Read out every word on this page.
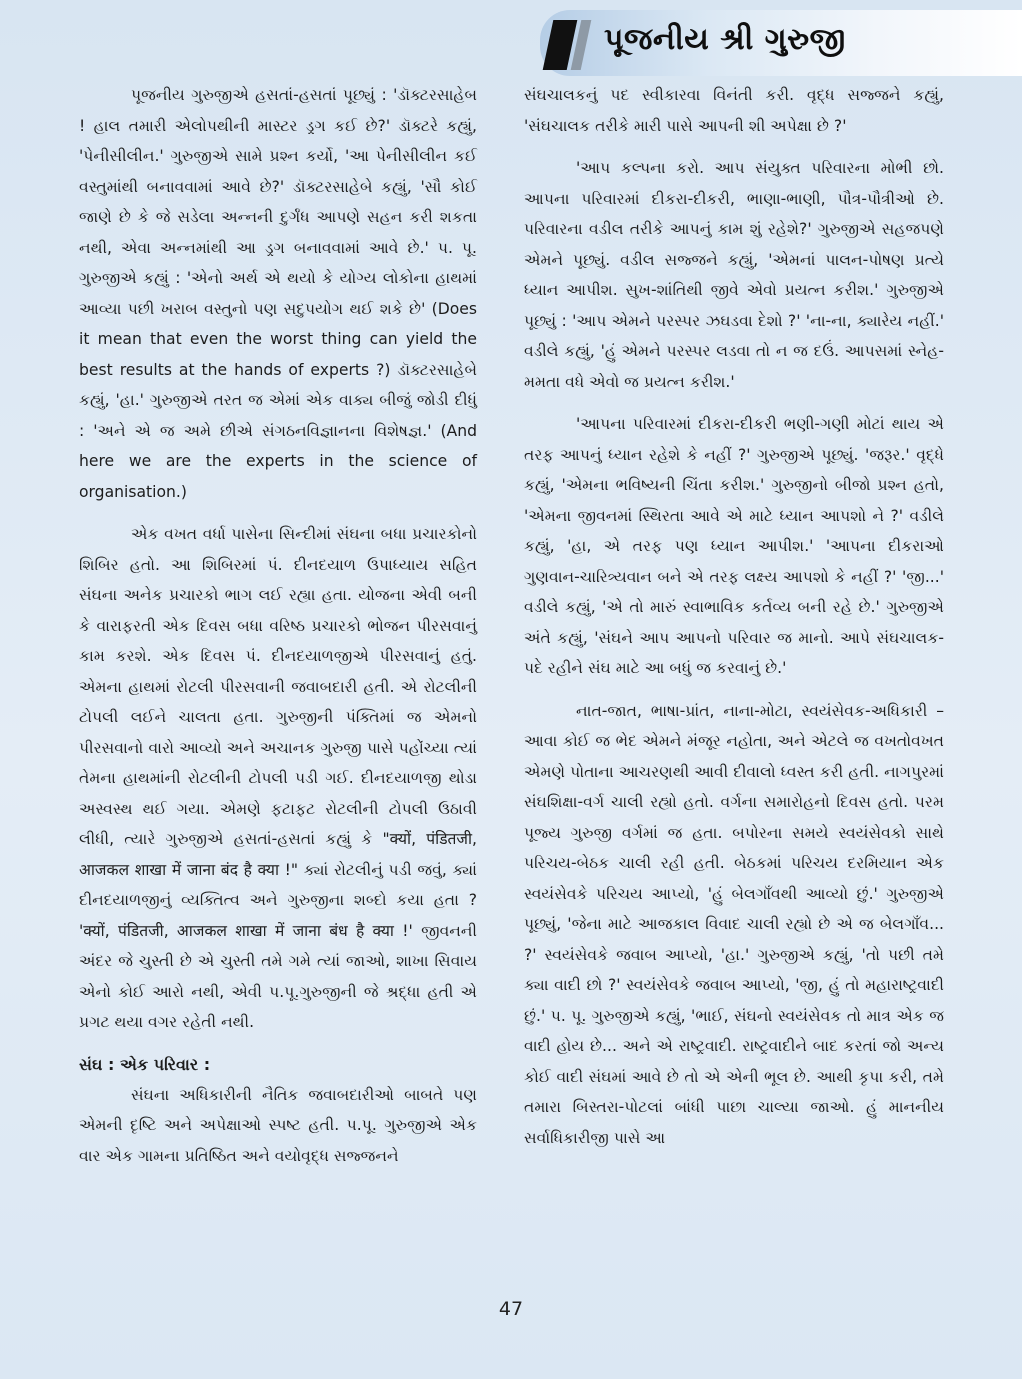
પૂજનીય શ્રી ગુરુજી

પૂજનીય ગુરુજીએ હસતાં-હસતાં પૂછ્યું : 'ડૉક્ટરસાહેબ ! હાલ તમારી એલોપથીની માસ્ટર ડ્રગ કઈ છે?' ડૉક્ટરે કહ્યું, 'પેનીસીલીન.' ગુરુજીએ સામે પ્રશ્ન કર્યો, 'આ પેનીસીલીન કઈ વસ્તુમાંથી બનાવવામાં આવે છે?' ડૉક્ટરસાહેબે કહ્યું, 'સૌ કોઈ જાણે છે કે જે સડેલા અન્નની દુર્ગંધ આપણે સહન કરી શકતા નથી, એવા અન્નમાંથી આ ડ્રગ બનાવવામાં આવે છે.' પ. પૂ. ગુરુજીએ કહ્યું : 'એનો અર્થ એ થયો કે યોગ્ય લોકોના હાથમાં આવ્યા પછી ખરાબ વસ્તુનો પણ સદુપયોગ થઈ શકે છે' (Does it mean that even the worst thing can yield the best results at the hands of experts ?) ડૉક્ટરસાહેબે કહ્યું, 'હા.' ગુરુજીએ તરત જ એમાં એક વાક્ય બીજું જોડી દીધું : 'અને એ જ અમે છીએ સંગઠનવિજ્ઞાનના વિશેષજ્ઞ.' (And here we are the experts in the science of organisation.)

એક વખત વર્ધા પાસેના સિન્દીમાં સંઘના બધા પ્રચારકોનો શિબિર હતો. આ શિબિરમાં પં. દીનદયાળ ઉપાધ્યાય સહિત સંઘના અનેક પ્રચારકો ભાગ લઈ રહ્યા હતા. યોજના એવી બની કે વારાફરતી એક દિવસ બધા વરિષ્ઠ પ્રચારકો ભોજન પીરસવાનું કામ કરશે. એક દિવસ પં. દીનદયાળજીએ પીરસવાનું હતું. એમના હાથમાં રોટલી પીરસવાની જવાબદારી હતી. એ રોટલીની ટોપલી લઈને ચાલતા હતા. ગુરુજીની પંક્તિમાં જ એમનો પીરસવાનો વારો આવ્યો અને અચાનક ગુરુજી પાસે પહોંચ્યા ત્યાં તેમના હાથમાંની રોટલીની ટોપલી પડી ગઈ. દીનદયાળજી થોડા અસ્વસ્થ થઈ ગયા. એમણે ફટાફટ રોટલીની ટોપલી ઉઠાવી લીધી, ત્યારે ગુરુજીએ હસતાં-હસતાં કહ્યું કે "क्यों, पंडितजी, आजकल शाखा में जाना बंद है क्या !" ક્યાં રોટલીનું પડી જવું, ક્યાં દીનદયાળજીનું વ્યક્તિત્વ અને ગુરુજીના શબ્દો કયા હતા ? 'क्यों, पंडितजी, आजकल शाखा में जाना बंध है क्या !' જીવનની અંદર જે ચુસ્તી છે એ ચુસ્તી તમે ગમે ત્યાં જાઓ, શાખા સિવાય એનો કોઈ આરો નથી, એવી પ.પૂ.ગુરુજીની જે શ્રદ્ધા હતી એ પ્રગટ થયા વગર રહેતી નથી.

સંઘ : એક પરિવાર :

સંઘના અધિકારીની નૈતિક જવાબદારીઓ બાબતે પણ એમની દૃષ્ટિ અને અપેક્ષાઓ સ્પષ્ટ હતી. પ.પૂ. ગુરુજીએ એક વાર એક ગામના પ્રતિષ્ઠિત અને વયોવૃદ્ધ સજ્જનને

સંઘચાલકનું પદ સ્વીકારવા વિનંતી કરી. વૃદ્ધ સજ્જને કહ્યું, 'સંઘચાલક તરીકે મારી પાસે આપની શી અપેક્ષા છે ?'

'આપ કલ્પના કરો. આપ સંયુક્ત પરિવારના મોભી છો. આપના પરિવારમાં દીકરા-દીકરી, ભાણા-ભાણી, પૌત્ર-પૌત્રીઓ છે. પરિવારના વડીલ તરીકે આપનું કામ શું રહેશે?' ગુરુજીએ સહજપણે એમને પૂછ્યું. વડીલ સજ્જને કહ્યું, 'એમનાં પાલન-પોષણ પ્રત્યે ધ્યાન આપીશ. સુખ-શાંતિથી જીવે એવો પ્રયત્ન કરીશ.' ગુરુજીએ પૂછ્યું : 'આપ એમને પરસ્પર ઝઘડવા દેશો ?' 'ના-ના, ક્યારેય નહીં.' વડીલે કહ્યું, 'હું એમને પરસ્પર લડવા તો ન જ દઉં. આપસમાં સ્નેહ-મમતા વધે એવો જ પ્રયત્ન કરીશ.'

'આપના પરિવારમાં દીકરા-દીકરી ભણી-ગણી મોટાં થાય એ તરફ આપનું ધ્યાન રહેશે કે નહીં ?' ગુરુજીએ પૂછ્યું. 'જરૂર.' વૃદ્ધે કહ્યું, 'એમના ભવિષ્યની ચિંતા કરીશ.' ગુરુજીનો બીજો પ્રશ્ન હતો, 'એમના જીવનમાં સ્થિરતા આવે એ માટે ધ્યાન આપશો ને ?' વડીલે કહ્યું, 'હા, એ તરફ પણ ધ્યાન આપીશ.' 'આપના દીકરાઓ ગુણવાન-ચારિત્ર્યવાન બને એ તરફ લક્ષ્ય આપશો કે નહીં ?' 'જી...' વડીલે કહ્યું, 'એ તો મારું સ્વાભાવિક કર્તવ્ય બની રહે છે.' ગુરુજીએ અંતે કહ્યું, 'સંઘને આપ આપનો પરિવાર જ માનો. આપે સંઘચાલક-પદે રહીને સંઘ માટે આ બધું જ કરવાનું છે.'

નાત-જાત, ભાષા-પ્રાંત, નાના-મોટા, સ્વયંસેવક-અધિકારી – આવા કોઈ જ ભેદ એમને મંજૂર નહોતા, અને એટલે જ વખતોવખત એમણે પોતાના આચરણથી આવી દીવાલો ધ્વસ્ત કરી હતી. નાગપુરમાં સંઘશિક્ષા-વર્ગ ચાલી રહ્યો હતો. વર્ગના સમારોહનો દિવસ હતો. પરમ પૂજ્ય ગુરુજી વર્ગમાં જ હતા. બપોરના સમયે સ્વયંસેવકો સાથે પરિચય-બેઠક ચાલી રહી હતી. બેઠકમાં પરિચય દરમિયાન એક સ્વયંસેવકે પરિચય આપ્યો, 'હું બેલગાઁવથી આવ્યો છું.' ગુરુજીએ પૂછ્યું, 'જેના માટે આજકાલ વિવાદ ચાલી રહ્યો છે એ જ બેલગાઁવ... ?' સ્વયંસેવકે જવાબ આપ્યો, 'હા.' ગુરુજીએ કહ્યું, 'તો પછી તમે ક્યા વાદી છો ?' સ્વયંસેવકે જવાબ આપ્યો, 'જી, હું તો મહારાષ્ટ્રવાદી છું.' પ. પૂ. ગુરુજીએ કહ્યું, 'ભાઈ, સંઘનો સ્વયંસેવક તો માત્ર એક જ વાદી હોય છે... અને એ રાષ્ટ્રવાદી. રાષ્ટ્રવાદીને બાદ કરતાં જો અન્ય કોઈ વાદી સંઘમાં આવે છે તો એ એની ભૂલ છે. આથી કૃપા કરી, તમે તમારા બિસ્તરા-પોટલાં બાંધી પાછા ચાલ્યા જાઓ. હું માનનીય સર્વાધિકારીજી પાસે આ

47
